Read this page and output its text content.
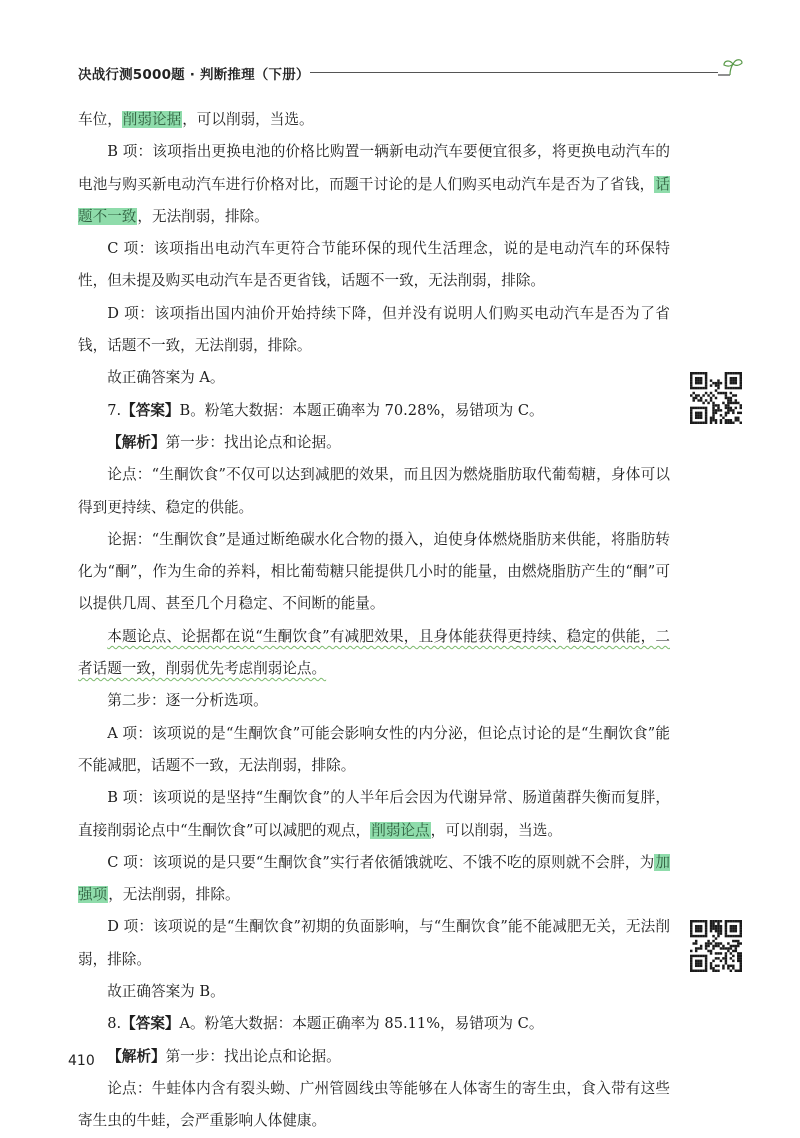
决战行测5000题 · 判断推理（下册）

车位，削弱论据，可以削弱，当选。

B 项：该项指出更换电池的价格比购置一辆新电动汽车要便宜很多，将更换电动汽车的电池与购买新电动汽车进行价格对比，而题干讨论的是人们购买电动汽车是否为了省钱，话题不一致，无法削弱，排除。

C 项：该项指出电动汽车更符合节能环保的现代生活理念，说的是电动汽车的环保特性，但未提及购买电动汽车是否更省钱，话题不一致，无法削弱，排除。

D 项：该项指出国内油价开始持续下降，但并没有说明人们购买电动汽车是否为了省钱，话题不一致，无法削弱，排除。

故正确答案为 A。

7.【答案】B。粉笔大数据：本题正确率为 70.28%，易错项为 C。

【解析】第一步：找出论点和论据。

论点：“生酮饮食”不仅可以达到减肥的效果，而且因为燃烧脂肪取代葡萄糖，身体可以得到更持续、稳定的供能。

论据：“生酮饮食”是通过断绝碳水化合物的摄入，迫使身体燃烧脂肪来供能，将脂肪转化为“酮”，作为生命的养料，相比葡萄糖只能提供几小时的能量，由燃烧脂肪产生的“酮”可以提供几周、甚至几个月稳定、不间断的能量。

本题论点、论据都在说“生酮饮食”有减肥效果，且身体能获得更持续、稳定的供能，二者话题一致，削弱优先考虑削弱论点。

第二步：逐一分析选项。

A 项：该项说的是“生酮饮食”可能会影响女性的内分泌，但论点讨论的是“生酮饮食”能不能减肥，话题不一致，无法削弱，排除。

B 项：该项说的是坚持“生酮饮食”的人半年后会因为代谢异常、肠道菌群失衡而复胖，直接削弱论点中“生酮饮食”可以减肥的观点，削弱论点，可以削弱，当选。

C 项：该项说的是只要“生酮饮食”实行者依循饿就吃、不饿不吃的原则就不会胖，为加强项，无法削弱，排除。

D 项：该项说的是“生酮饮食”初期的负面影响，与“生酮饮食”能不能减肥无关，无法削弱，排除。

故正确答案为 B。

8.【答案】A。粉笔大数据：本题正确率为 85.11%，易错项为 C。

【解析】第一步：找出论点和论据。

论点：牛蛙体内含有裂头蚴、广州管圆线虫等能够在人体寄生的寄生虫，食入带有这些寄生虫的牛蛙，会严重影响人体健康。

410
